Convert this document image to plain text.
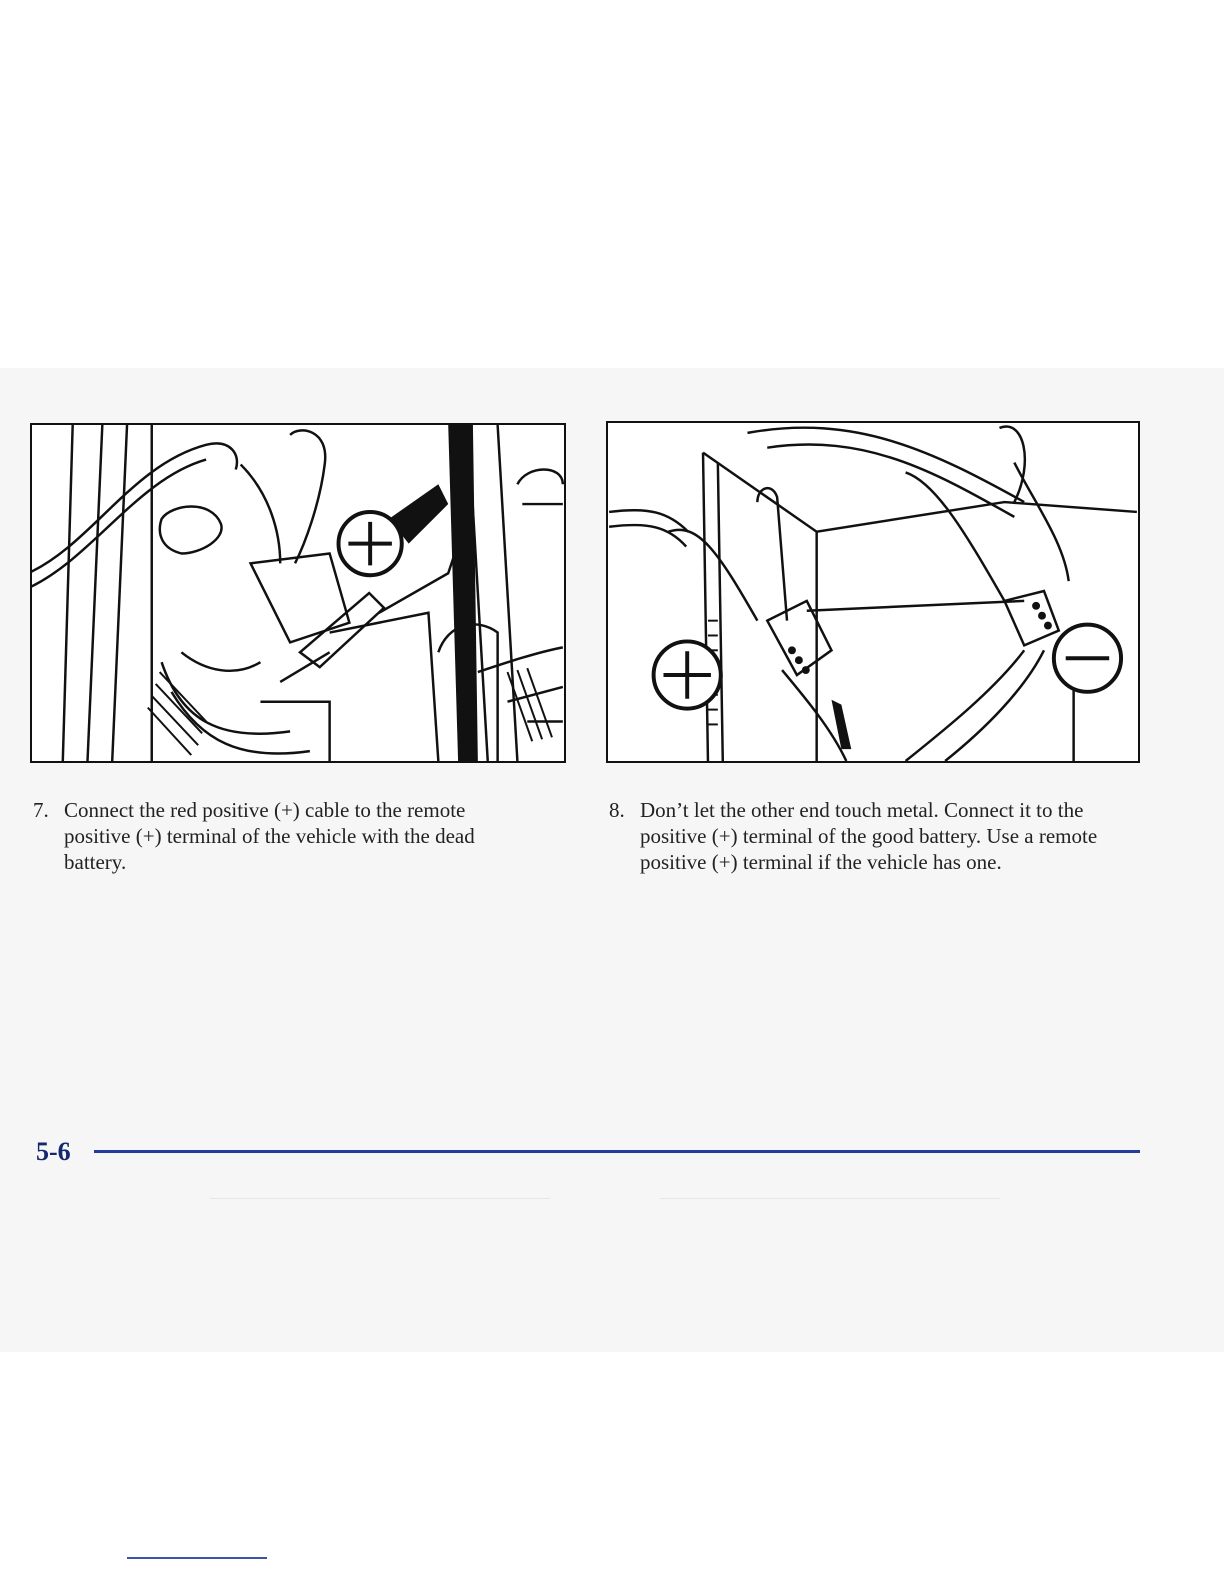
7. Connect the red positive (+) cable to the remote positive (+) terminal of the vehicle with the dead battery.
8. Don’t let the other end touch metal. Connect it to the positive (+) terminal of the good battery. Use a remote positive (+) terminal if the vehicle has one.
5-6
